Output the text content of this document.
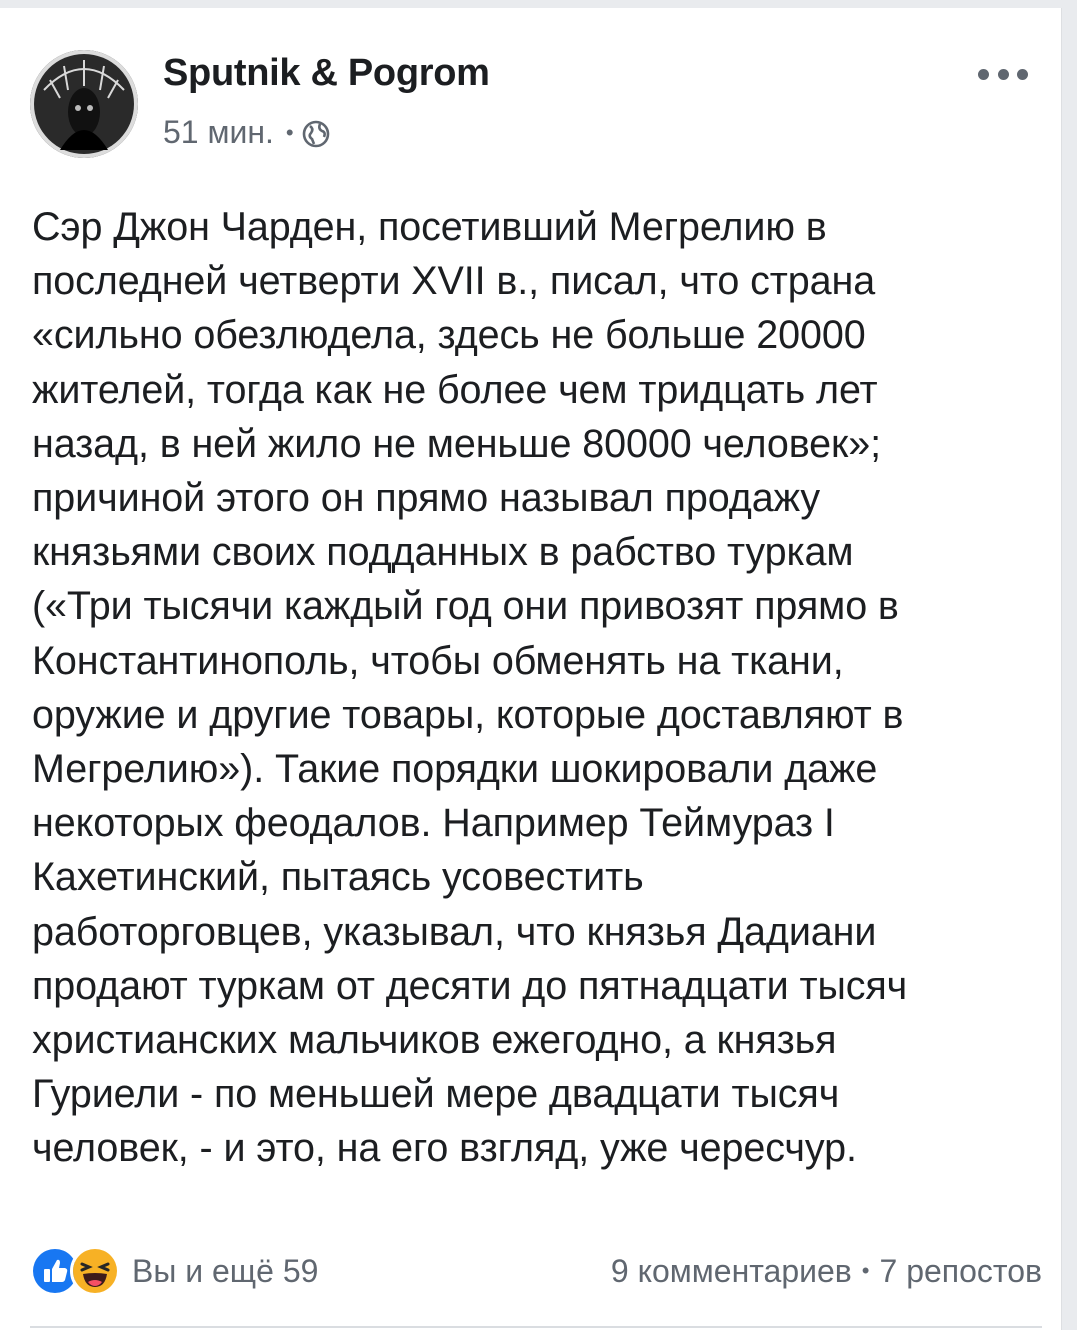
Sputnik & Pogrom
51 мин. •
Сэр Джон Чарден, посетивший Мегрелию в
последней четверти XVII в., писал, что страна
«сильно обезлюдела, здесь не больше 20000
жителей, тогда как не более чем тридцать лет
назад, в ней жило не меньше 80000 человек»;
причиной этого он прямо называл продажу
князьями своих подданных в рабство туркам
(«Три тысячи каждый год они привозят прямо в
Константинополь, чтобы обменять на ткани,
оружие и другие товары, которые доставляют в
Мегрелию»). Такие порядки шокировали даже
некоторых феодалов. Например Теймураз I
Кахетинский, пытаясь усовестить
работорговцев, указывал, что князья Дадиани
продают туркам от десяти до пятнадцати тысяч
христианских мальчиков ежегодно, а князья
Гуриели - по меньшей мере двадцати тысяч
человек, - и это, на его взгляд, уже чересчур.
Вы и ещё 59	9 комментариев • 7 репостов
